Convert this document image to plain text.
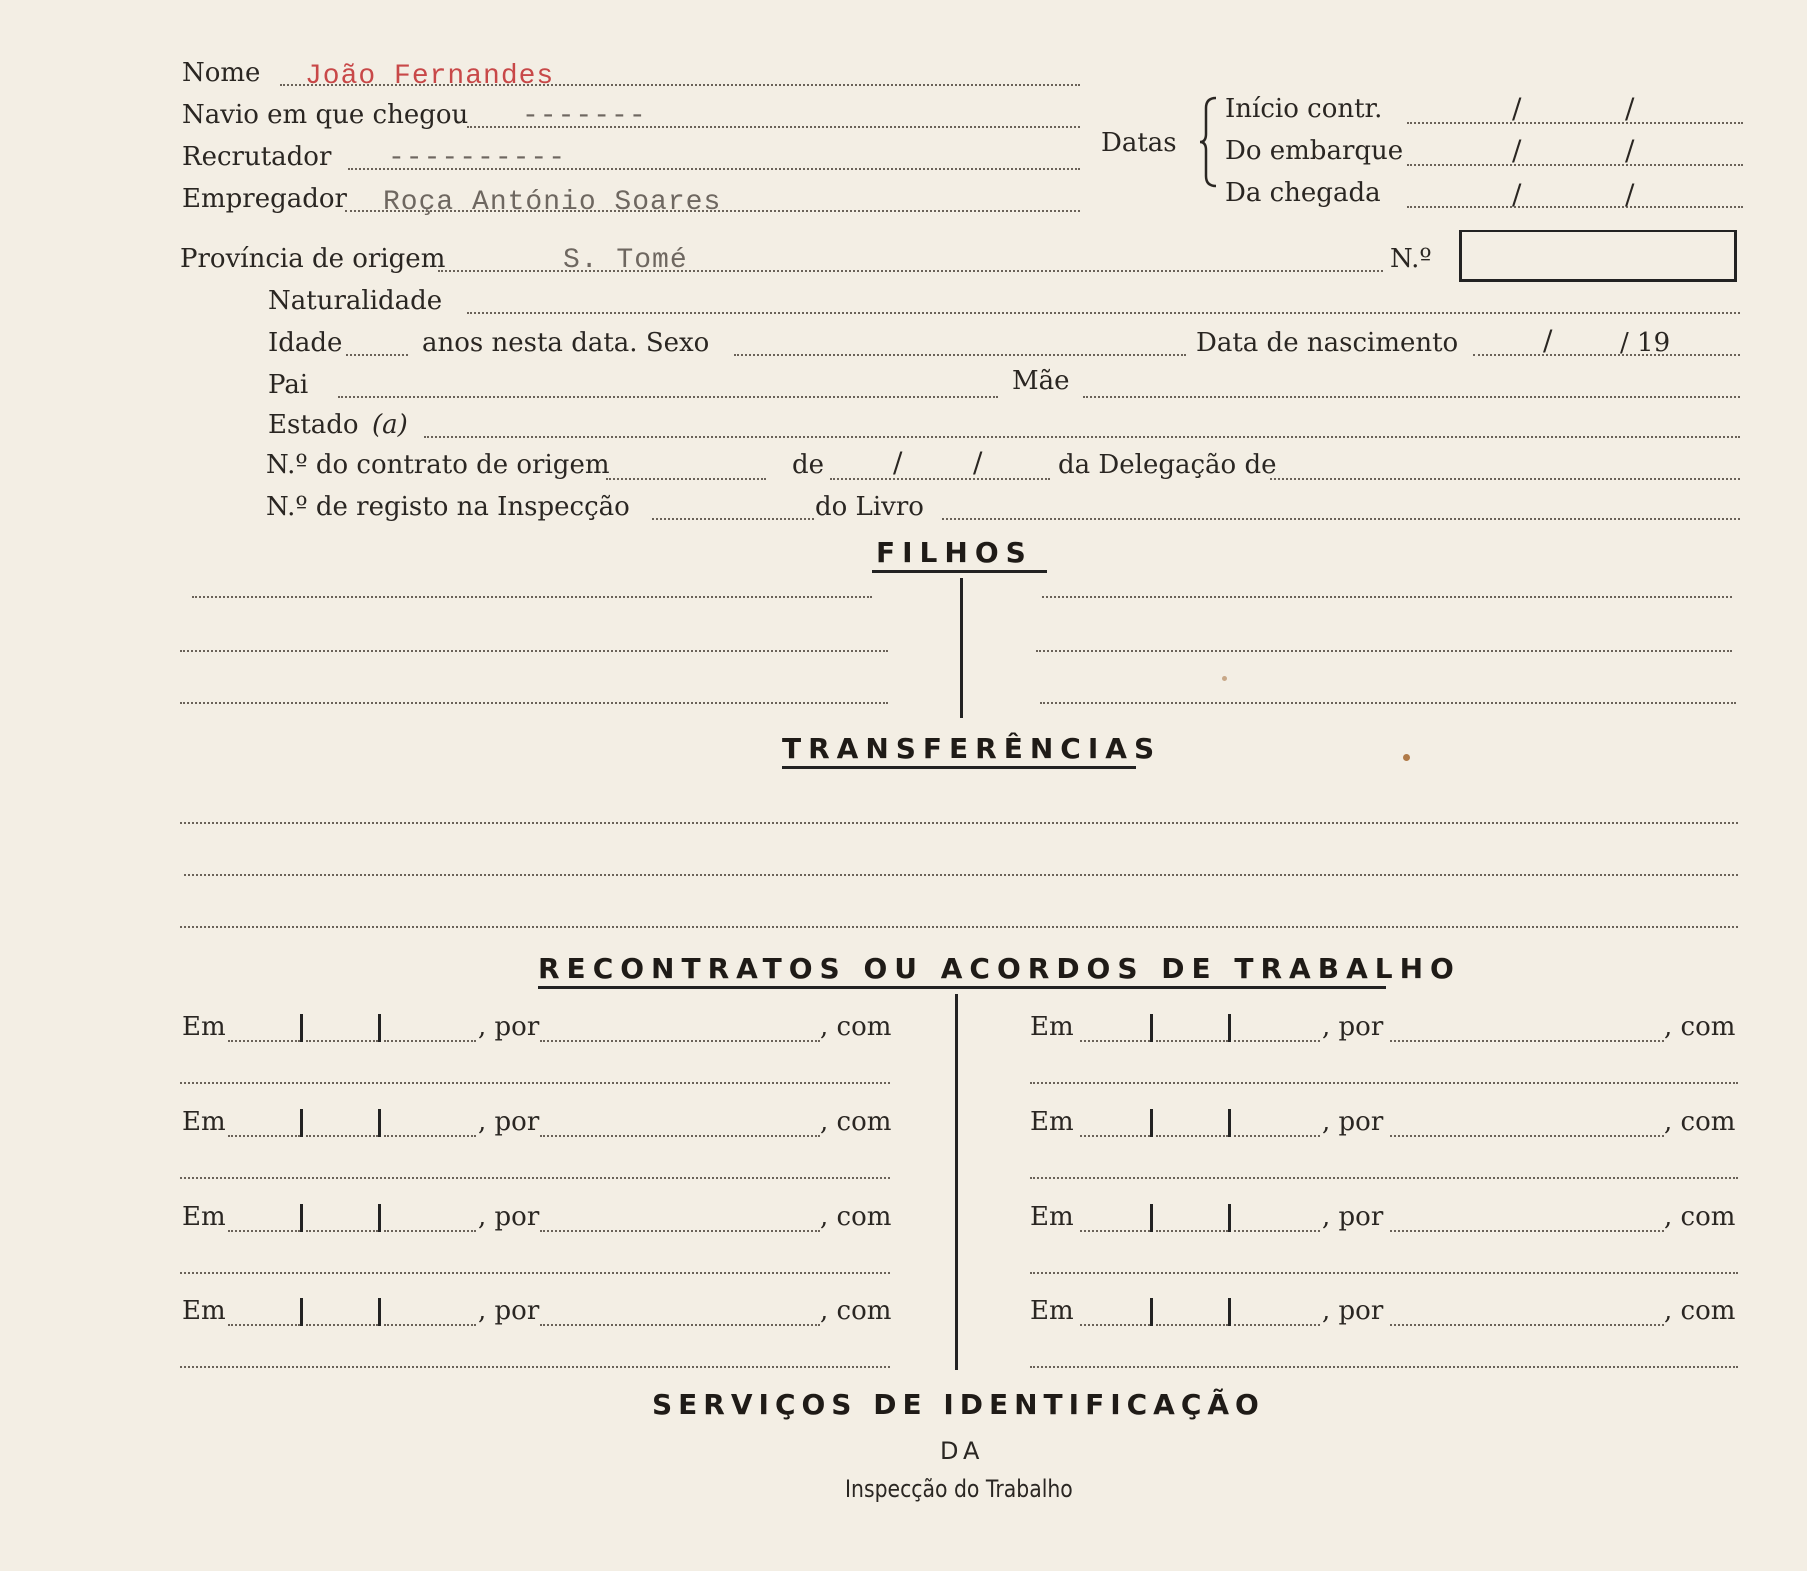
Nome João Fernandes
Navio em que chegou -------
Recrutador ----------
Empregador Roça António Soares
Datas
Início contr.	/	/
Do embarque	/	/
Da chegada	/	/
Província de origem	S. Tomé	N.º
Naturalidade
Idade	anos nesta data. Sexo	Data de nascimento	/	/ 19
Pai	Mãe
Estado (a)
N.º do contrato de origem	de /	/	da Delegação de
N.º de registo na Inspecção	do Livro
FILHOS
TRANSFERÊNCIAS
RECONTRATOS OU ACORDOS DE TRABALHO
Em	, por	, com	Em	, por	, com
Em	, por	, com	Em	, por	, com
Em	, por	, com	Em	, por	, com
Em	, por	, com	Em	, por	, com
SERVIÇOS DE IDENTIFICAÇÃO
DA
Inspecção do Trabalho
